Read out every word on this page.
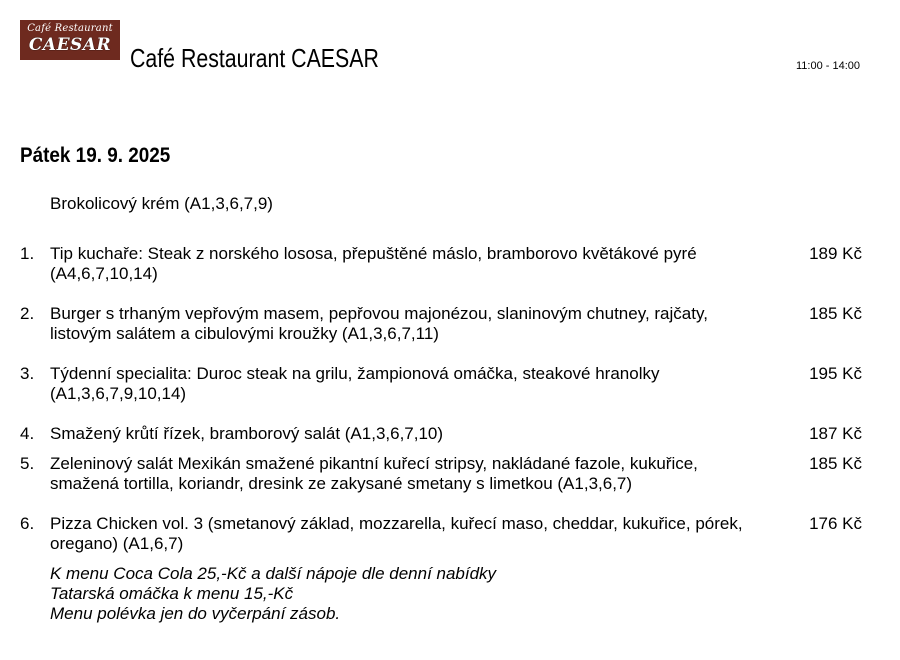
Café Restaurant
CAESAR Café Restaurant CAESAR	11:00 - 14:00
Pátek 19. 9. 2025
Brokolicový krém (A1,3,6,7,9)
1. Tip kuchaře: Steak z norského lososa, přepuštěné máslo, bramborovo květákové pyré (A4,6,7,10,14)
189 Kč
2. Burger s trhaným vepřovým masem, pepřovou majonézou, slaninovým chutney, rajčaty, listovým salátem a cibulovými kroužky (A1,3,6,7,11)
185 Kč
3. Týdenní specialita: Duroc steak na grilu, žampionová omáčka, steakové hranolky (A1,3,6,7,9,10,14)
195 Kč
4. Smažený krůtí řízek, bramborový salát (A1,3,6,7,10)	187 Kč
5. Zeleninový salát Mexikán smažené pikantní kuřecí stripsy, nakládané fazole, kukuřice, smažená tortilla, koriandr, dresink ze zakysané smetany s limetkou (A1,3,6,7)
185 Kč
6. Pizza Chicken vol. 3 (smetanový základ, mozzarella, kuřecí maso, cheddar, kukuřice, pórek, oregano) (A1,6,7)
176 Kč
K menu Coca Cola 25,-Kč a další nápoje dle denní nabídky
Tatarská omáčka k menu 15,-Kč
Menu polévka jen do vyčerpání zásob.
